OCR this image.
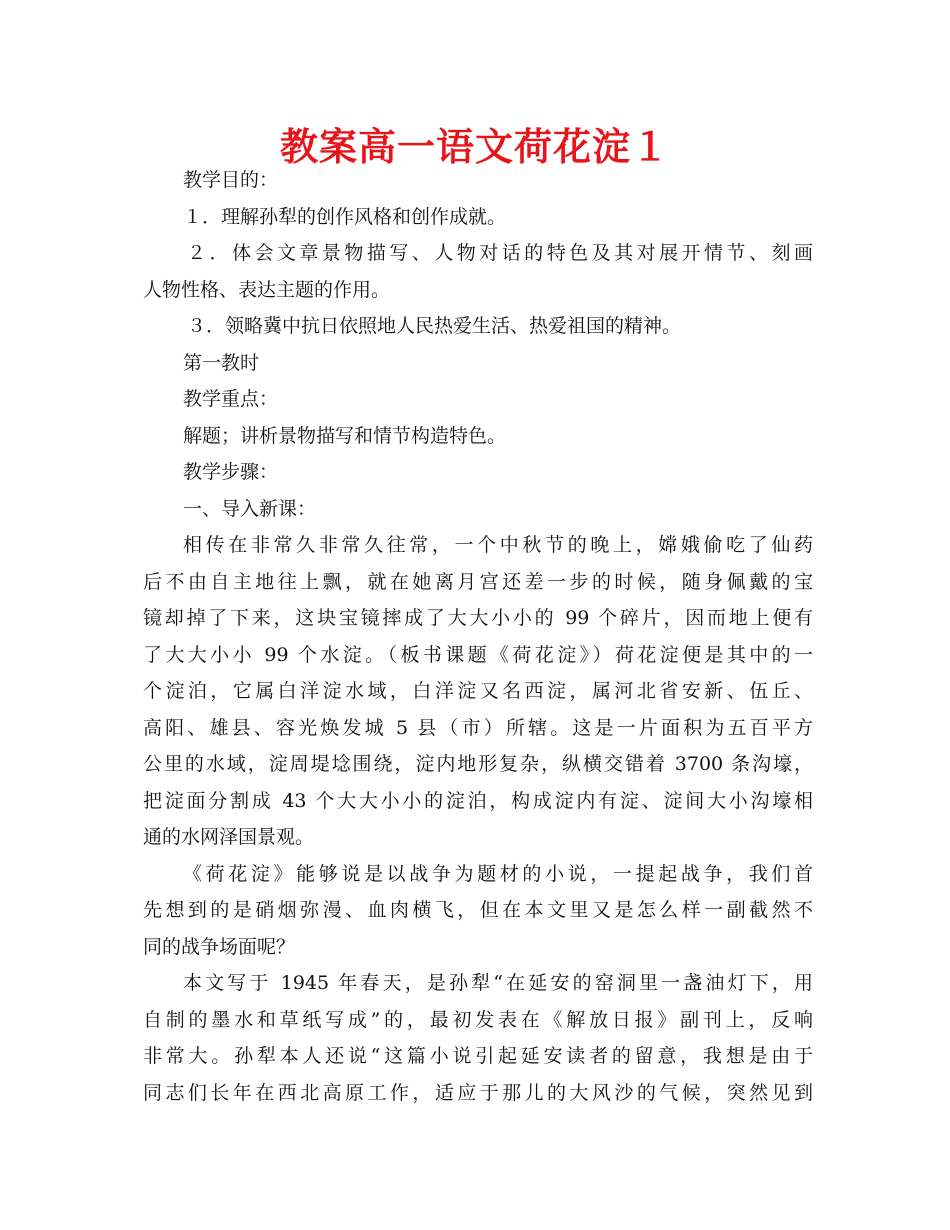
教案高一语文荷花淀１
教学目的：
１．理解孙犁的创作风格和创作成就。
２．体会文章景物描写、人物对话的特色及其对展开情节、刻画
人物性格、表达主题的作用。
３．领略冀中抗日依照地人民热爱生活、热爱祖国的精神。
第一教时
教学重点：
解题；讲析景物描写和情节构造特色。
教学步骤：
一、导入新课：
相传在非常久非常久往常，一个中秋节的晚上，嫦娥偷吃了仙药
后不由自主地往上飘，就在她离月宫还差一步的时候，随身佩戴的宝
镜却掉了下来，这块宝镜摔成了大大小小的 99 个碎片，因而地上便有
了大大小小 99 个水淀。（板书课题《荷花淀》）荷花淀便是其中的一
个淀泊，它属白洋淀水域，白洋淀又名西淀，属河北省安新、伍丘、
高阳、雄县、容光焕发城 5 县（市）所辖。这是一片面积为五百平方
公里的水域，淀周堤埝围绕，淀内地形复杂，纵横交错着 3700 条沟壕，
把淀面分割成 43 个大大小小的淀泊，构成淀内有淀、淀间大小沟壕相
通的水网泽国景观。
《荷花淀》能够说是以战争为题材的小说，一提起战争，我们首
先想到的是硝烟弥漫、血肉横飞，但在本文里又是怎么样一副截然不
同的战争场面呢？
本文写于 1945 年春天，是孙犁“在延安的窑洞里一盏油灯下，用
自制的墨水和草纸写成”的，最初发表在《解放日报》副刊上，反响
非常大。孙犁本人还说“这篇小说引起延安读者的留意，我想是由于
同志们长年在西北高原工作，适应于那儿的大风沙的气候，突然见到
